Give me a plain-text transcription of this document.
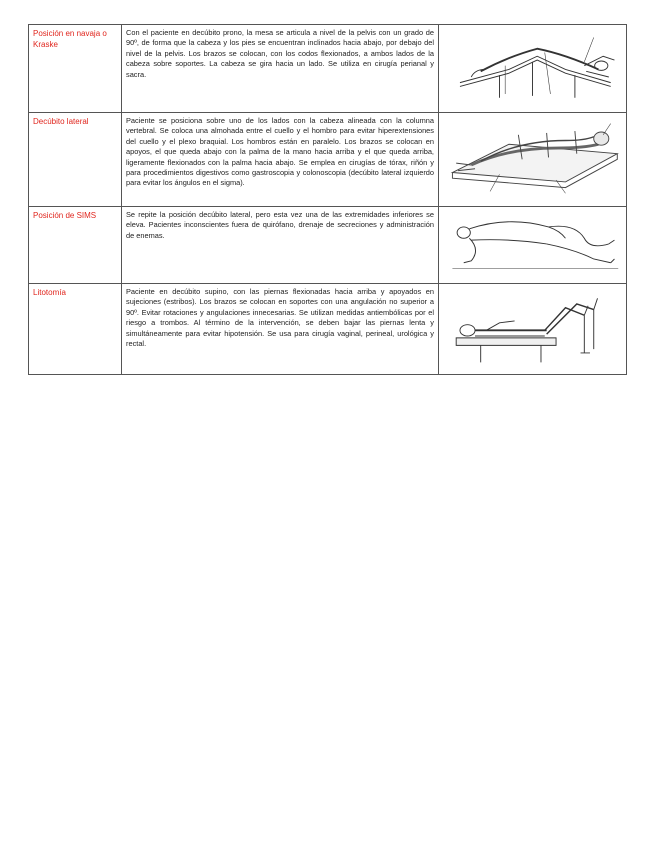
Posición en navaja o Kraske	Con el paciente en decúbito prono, la mesa se articula a nivel de la pelvis con un grado de 90º, de forma que la cabeza y los pies se encuentran inclinados hacia abajo, por debajo del nivel de la pelvis. Los brazos se colocan, con los codos flexionados, a ambos lados de la cabeza sobre soportes. La cabeza se gira hacia un lado. Se utiliza en cirugía perianal y sacra.	

Decúbito lateral	Paciente se posiciona sobre uno de los lados con la cabeza alineada con la columna vertebral. Se coloca una almohada entre el cuello y el hombro para evitar hiperextensiones del cuello y el plexo braquial. Los hombros están en paralelo. Los brazos se colocan en apoyos, el que queda abajo con la palma de la mano hacia arriba y el que queda arriba, ligeramente flexionados con la palma hacia abajo. Se emplea en cirugías de tórax, riñón y para procedimientos digestivos como gastroscopia y colonoscopia (decúbito lateral izquierdo para evitar los ángulos en el sigma).	

Posición de SIMS	Se repite la posición decúbito lateral, pero esta vez una de las extremidades inferiores se eleva. Pacientes inconscientes fuera de quirófano, drenaje de secreciones y administración de enemas.	

Litotomía	Paciente en decúbito supino, con las piernas flexionadas hacia arriba y apoyados en sujeciones (estribos). Los brazos se colocan en soportes con una angulación no superior a 90º. Evitar rotaciones y angulaciones innecesarias. Se utilizan medidas antiembólicas por el riesgo a trombos. Al término de la intervención, se deben bajar las piernas lenta y simultáneamente para evitar hipotensión. Se usa para cirugía vaginal, perineal, urológica y rectal.	
